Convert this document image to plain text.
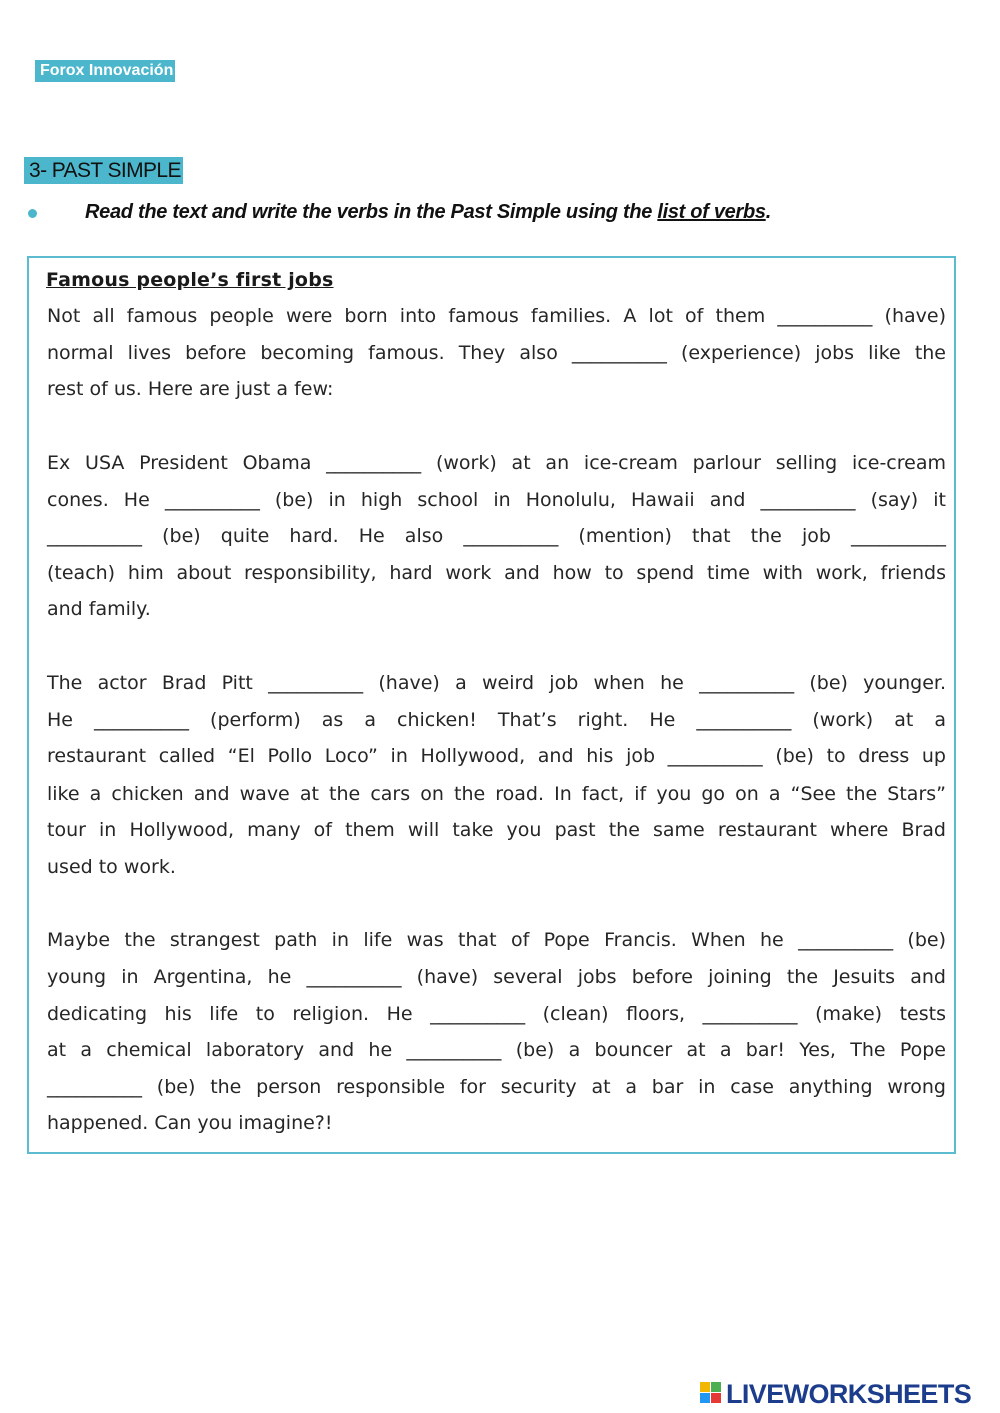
Forox Innovación
3- PAST SIMPLE
Read the text and write the verbs in the Past Simple using the list of verbs.
Famous people’s first jobs
Not all famous people were born into famous families. A lot of them __________ (have)
normal lives before becoming famous. They also __________ (experience) jobs like the
rest of us. Here are just a few:
Ex USA President Obama __________ (work) at an ice-cream parlour selling ice-cream
cones. He __________ (be) in high school in Honolulu, Hawaii and __________ (say) it
__________ (be) quite hard. He also __________ (mention) that the job __________
(teach) him about responsibility, hard work and how to spend time with work, friends
and family.
The actor Brad Pitt __________ (have) a weird job when he __________ (be) younger.
He __________ (perform) as a chicken! That’s right. He __________ (work) at a
restaurant called “El Pollo Loco” in Hollywood, and his job __________ (be) to dress up
like a chicken and wave at the cars on the road. In fact, if you go on a “See the Stars”
tour in Hollywood, many of them will take you past the same restaurant where Brad
used to work.
Maybe the strangest path in life was that of Pope Francis. When he __________ (be)
young in Argentina, he __________ (have) several jobs before joining the Jesuits and
dedicating his life to religion. He __________ (clean) floors, __________ (make) tests
at a chemical laboratory and he __________ (be) a bouncer at a bar! Yes, The Pope
__________ (be) the person responsible for security at a bar in case anything wrong
happened. Can you imagine?!
LIVEWORKSHEETS
